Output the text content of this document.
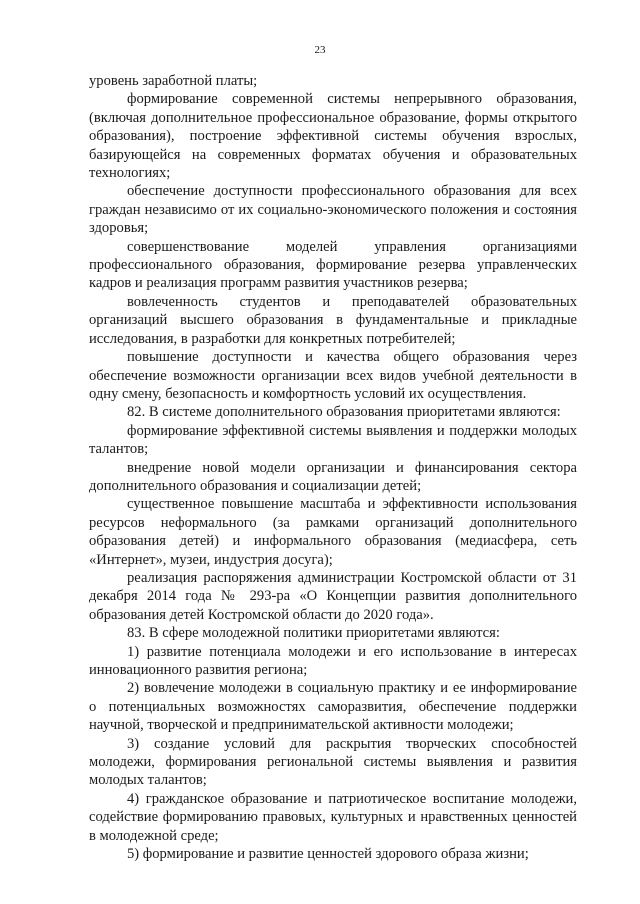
23

уровень заработной платы;

формирование современной системы непрерывного образования, (включая дополнительное профессиональное образование, формы открытого образования), построение эффективной системы обучения взрослых, базирующейся на современных форматах обучения и образовательных технологиях;

обеспечение доступности профессионального образования для всех граждан независимо от их социально-экономического положения и состояния здоровья;

совершенствование моделей управления организациями профессионального образования, формирование резерва управленческих кадров и реализация программ развития участников резерва;

вовлеченность студентов и преподавателей образовательных организаций высшего образования в фундаментальные и прикладные исследования, в разработки для конкретных потребителей;

повышение доступности и качества общего образования через обеспечение возможности организации всех видов учебной деятельности в одну смену, безопасность и комфортность условий их осуществления.

82. В системе дополнительного образования приоритетами являются:

формирование эффективной системы выявления и поддержки молодых талантов;

внедрение новой модели организации и финансирования сектора дополнительного образования и социализации детей;

существенное повышение масштаба и эффективности использования ресурсов неформального (за рамками организаций дополнительного образования детей) и информального образования (медиасфера, сеть «Интернет», музеи, индустрия досуга);

реализация распоряжения администрации Костромской области от 31 декабря 2014 года № 293-ра «О Концепции развития дополнительного образования детей Костромской области до 2020 года».

83. В сфере молодежной политики приоритетами являются:

1) развитие потенциала молодежи и его использование в интересах инновационного развития региона;

2) вовлечение молодежи в социальную практику и ее информирование о потенциальных возможностях саморазвития, обеспечение поддержки научной, творческой и предпринимательской активности молодежи;

3) создание условий для раскрытия творческих способностей молодежи, формирования региональной системы выявления и развития молодых талантов;

4) гражданское образование и патриотическое воспитание молодежи, содействие формированию правовых, культурных и нравственных ценностей в молодежной среде;

5) формирование и развитие ценностей здорового образа жизни;
